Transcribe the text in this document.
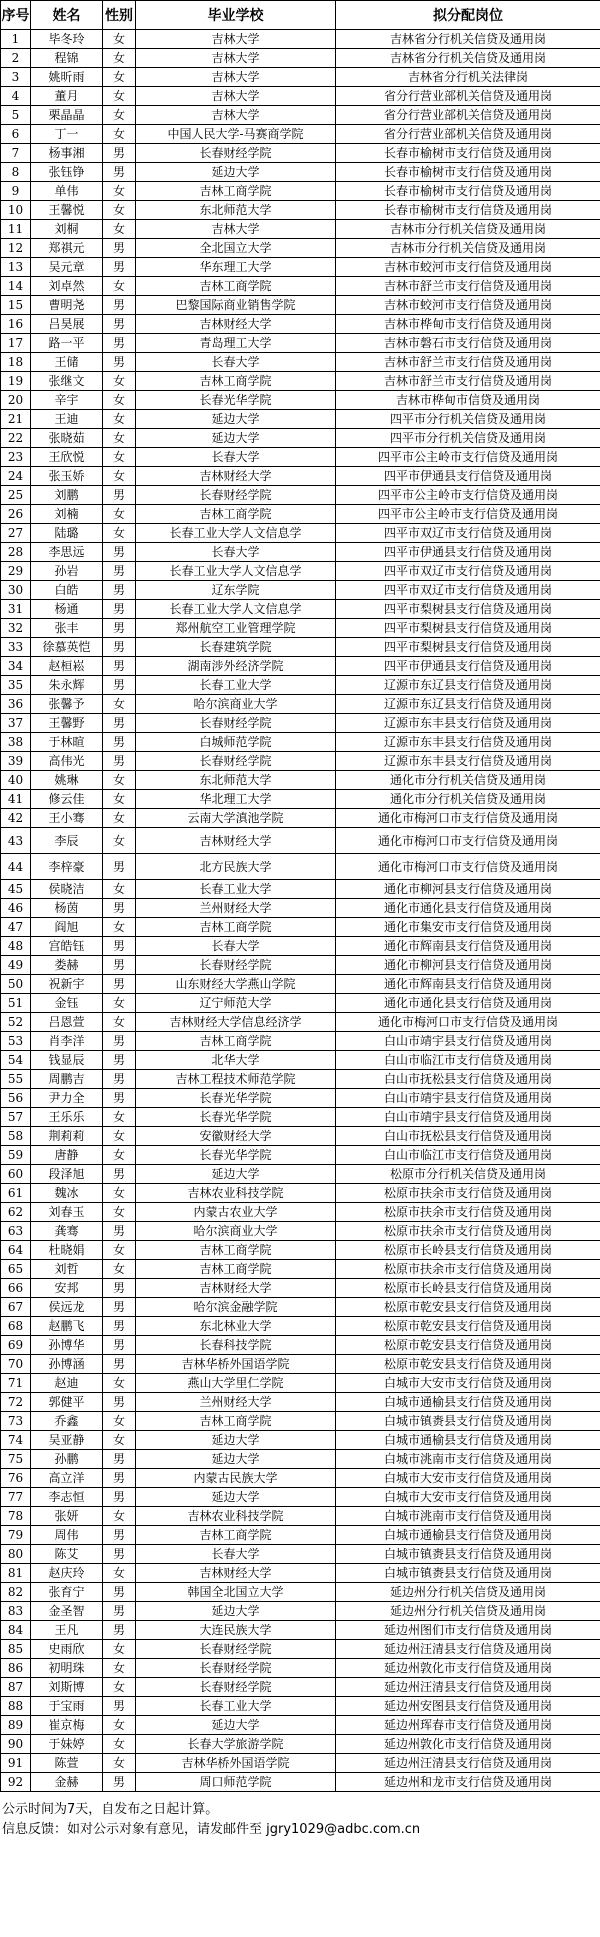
序号	姓名	性别	毕业学校	拟分配岗位
1	毕冬玲	女	吉林大学	吉林省分行机关信贷及通用岗
2	程锦	女	吉林大学	吉林省分行机关信贷及通用岗
3	姚昕雨	女	吉林大学	吉林省分行机关法律岗
4	董月	女	吉林大学	省分行营业部机关信贷及通用岗
5	栗晶晶	女	吉林大学	省分行营业部机关信贷及通用岗
6	丁一	女	中国人民大学-马赛商学院	省分行营业部机关信贷及通用岗
7	杨事湘	男	长春财经学院	长春市榆树市支行信贷及通用岗
8	张钰铮	男	延边大学	长春市榆树市支行信贷及通用岗
9	单伟	女	吉林工商学院	长春市榆树市支行信贷及通用岗
10	王馨悦	女	东北师范大学	长春市榆树市支行信贷及通用岗
11	刘桐	女	吉林大学	吉林市分行机关信贷及通用岗
12	郑祺元	男	全北国立大学	吉林市分行机关信贷及通用岗
13	吴元章	男	华东理工大学	吉林市蛟河市支行信贷及通用岗
14	刘卓然	女	吉林工商学院	吉林市舒兰市支行信贷及通用岗
15	曹明尧	男	巴黎国际商业销售学院	吉林市蛟河市支行信贷及通用岗
16	吕昊展	男	吉林财经大学	吉林市桦甸市支行信贷及通用岗
17	路一平	男	青岛理工大学	吉林市磐石市支行信贷及通用岗
18	王储	男	长春大学	吉林市舒兰市支行信贷及通用岗
19	张继文	女	吉林工商学院	吉林市舒兰市支行信贷及通用岗
20	辛宇	女	长春光华学院	吉林市桦甸市信贷及通用岗
21	王迪	女	延边大学	四平市分行机关信贷及通用岗
22	张晓茹	女	延边大学	四平市分行机关信贷及通用岗
23	王欣悦	女	长春大学	四平市公主岭市支行信贷及通用岗
24	张玉娇	女	吉林财经大学	四平市伊通县支行信贷及通用岗
25	刘鹏	男	长春财经学院	四平市公主岭市支行信贷及通用岗
26	刘楠	女	吉林工商学院	四平市公主岭市支行信贷及通用岗
27	陆璐	女	长春工业大学人文信息学	四平市双辽市支行信贷及通用岗
28	李思远	男	长春大学	四平市伊通县支行信贷及通用岗
29	孙岩	男	长春工业大学人文信息学	四平市双辽市支行信贷及通用岗
30	白皓	男	辽东学院	四平市双辽市支行信贷及通用岗
31	杨通	男	长春工业大学人文信息学	四平市梨树县支行信贷及通用岗
32	张丰	男	郑州航空工业管理学院	四平市梨树县支行信贷及通用岗
33	徐慕英恺	男	长春建筑学院	四平市梨树县支行信贷及通用岗
34	赵桓崧	男	湖南涉外经济学院	四平市伊通县支行信贷及通用岗
35	朱永辉	男	长春工业大学	辽源市东辽县支行信贷及通用岗
36	张馨予	女	哈尔滨商业大学	辽源市东辽县支行信贷及通用岗
37	王馨野	男	长春财经学院	辽源市东丰县支行信贷及通用岗
38	于林暄	男	白城师范学院	辽源市东丰县支行信贷及通用岗
39	高伟光	男	长春财经学院	辽源市东丰县支行信贷及通用岗
40	姚琳	女	东北师范大学	通化市分行机关信贷及通用岗
41	修云佳	女	华北理工大学	通化市分行机关信贷及通用岗
42	王小骞	女	云南大学滇池学院	通化市梅河口市支行信贷及通用岗
43	李辰	女	吉林财经大学	通化市梅河口市支行信贷及通用岗
44	李梓豪	男	北方民族大学	通化市梅河口市支行信贷及通用岗
45	侯晓洁	女	长春工业大学	通化市柳河县支行信贷及通用岗
46	杨茵	男	兰州财经大学	通化市通化县支行信贷及通用岗
47	阎旭	女	吉林工商学院	通化市集安市支行信贷及通用岗
48	宫皓钰	男	长春大学	通化市辉南县支行信贷及通用岗
49	娄赫	男	长春财经学院	通化市柳河县支行信贷及通用岗
50	祝新宇	男	山东财经大学燕山学院	通化市辉南县支行信贷及通用岗
51	金钰	女	辽宁师范大学	通化市通化县支行信贷及通用岗
52	吕恩萱	女	吉林财经大学信息经济学	通化市梅河口市支行信贷及通用岗
53	肖李洋	男	吉林工商学院	白山市靖宇县支行信贷及通用岗
54	钱显辰	男	北华大学	白山市临江市支行信贷及通用岗
55	周鹏吉	男	吉林工程技术师范学院	白山市抚松县支行信贷及通用岗
56	尹力全	男	长春光华学院	白山市靖宇县支行信贷及通用岗
57	王乐乐	女	长春光华学院	白山市靖宇县支行信贷及通用岗
58	荆莉莉	女	安徽财经大学	白山市抚松县支行信贷及通用岗
59	唐静	女	长春光华学院	白山市临江市支行信贷及通用岗
60	段泽旭	男	延边大学	松原市分行机关信贷及通用岗
61	魏冰	女	吉林农业科技学院	松原市扶余市支行信贷及通用岗
62	刘春玉	女	内蒙古农业大学	松原市扶余市支行信贷及通用岗
63	龚骞	男	哈尔滨商业大学	松原市扶余市支行信贷及通用岗
64	杜晓娟	女	吉林工商学院	松原市长岭县支行信贷及通用岗
65	刘哲	女	吉林工商学院	松原市扶余市支行信贷及通用岗
66	安邦	男	吉林财经大学	松原市长岭县支行信贷及通用岗
67	侯远龙	男	哈尔滨金融学院	松原市乾安县支行信贷及通用岗
68	赵鹏飞	男	东北林业大学	松原市乾安县支行信贷及通用岗
69	孙博华	男	长春科技学院	松原市乾安县支行信贷及通用岗
70	孙博涵	男	吉林华桥外国语学院	松原市乾安县支行信贷及通用岗
71	赵迪	女	燕山大学里仁学院	白城市大安市支行信贷及通用岗
72	郭健平	男	兰州财经大学	白城市通榆县支行信贷及通用岗
73	乔鑫	女	吉林工商学院	白城市镇赉县支行信贷及通用岗
74	吴亚静	女	延边大学	白城市通榆县支行信贷及通用岗
75	孙鹏	男	延边大学	白城市洮南市支行信贷及通用岗
76	高立洋	男	内蒙古民族大学	白城市大安市支行信贷及通用岗
77	李志恒	男	延边大学	白城市大安市支行信贷及通用岗
78	张妍	女	吉林农业科技学院	白城市洮南市支行信贷及通用岗
79	周伟	男	吉林工商学院	白城市通榆县支行信贷及通用岗
80	陈艾	男	长春大学	白城市镇赉县支行信贷及通用岗
81	赵庆玲	女	吉林财经大学	白城市镇赉县支行信贷及通用岗
82	张育宁	男	韩国全北国立大学	延边州分行机关信贷及通用岗
83	金圣智	男	延边大学	延边州分行机关信贷及通用岗
84	王凡	男	大连民族大学	延边州图们市支行信贷及通用岗
85	史雨欣	女	长春财经学院	延边州汪清县支行信贷及通用岗
86	初明珠	女	长春财经学院	延边州敦化市支行信贷及通用岗
87	刘斯博	女	长春财经学院	延边州汪清县支行信贷及通用岗
88	于宝雨	男	长春工业大学	延边州安图县支行信贷及通用岗
89	崔京梅	女	延边大学	延边州珲春市支行信贷及通用岗
90	于妹婷	女	长春大学旅游学院	延边州敦化市支行信贷及通用岗
91	陈萱	女	吉林华桥外国语学院	延边州汪清县支行信贷及通用岗
92	金赫	男	周口师范学院	延边州和龙市支行信贷及通用岗
公示时间为7天，自发布之日起计算。
信息反馈：如对公示对象有意见，请发邮件至 jgry1029@adbc.com.cn
